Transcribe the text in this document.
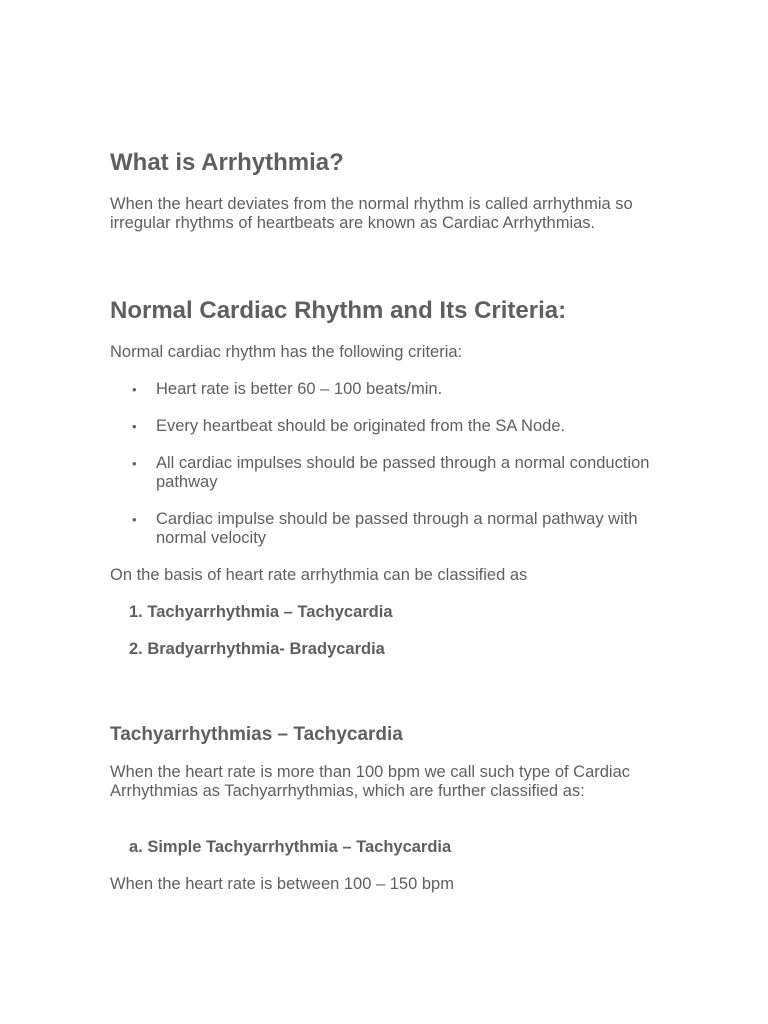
What is Arrhythmia?
When the heart deviates from the normal rhythm is called arrhythmia so irregular rhythms of heartbeats are known as Cardiac Arrhythmias.
Normal Cardiac Rhythm and Its Criteria:
Normal cardiac rhythm has the following criteria:
• Heart rate is better 60 – 100 beats/min.
• Every heartbeat should be originated from the SA Node.
• All cardiac impulses should be passed through a normal conduction pathway
• Cardiac impulse should be passed through a normal pathway with normal velocity
On the basis of heart rate arrhythmia can be classified as
1. Tachyarrhythmia – Tachycardia
2. Bradyarrhythmia- Bradycardia
Tachyarrhythmias – Tachycardia
When the heart rate is more than 100 bpm we call such type of Cardiac Arrhythmias as Tachyarrhythmias, which are further classified as:
a. Simple Tachyarrhythmia – Tachycardia
When the heart rate is between 100 – 150 bpm
